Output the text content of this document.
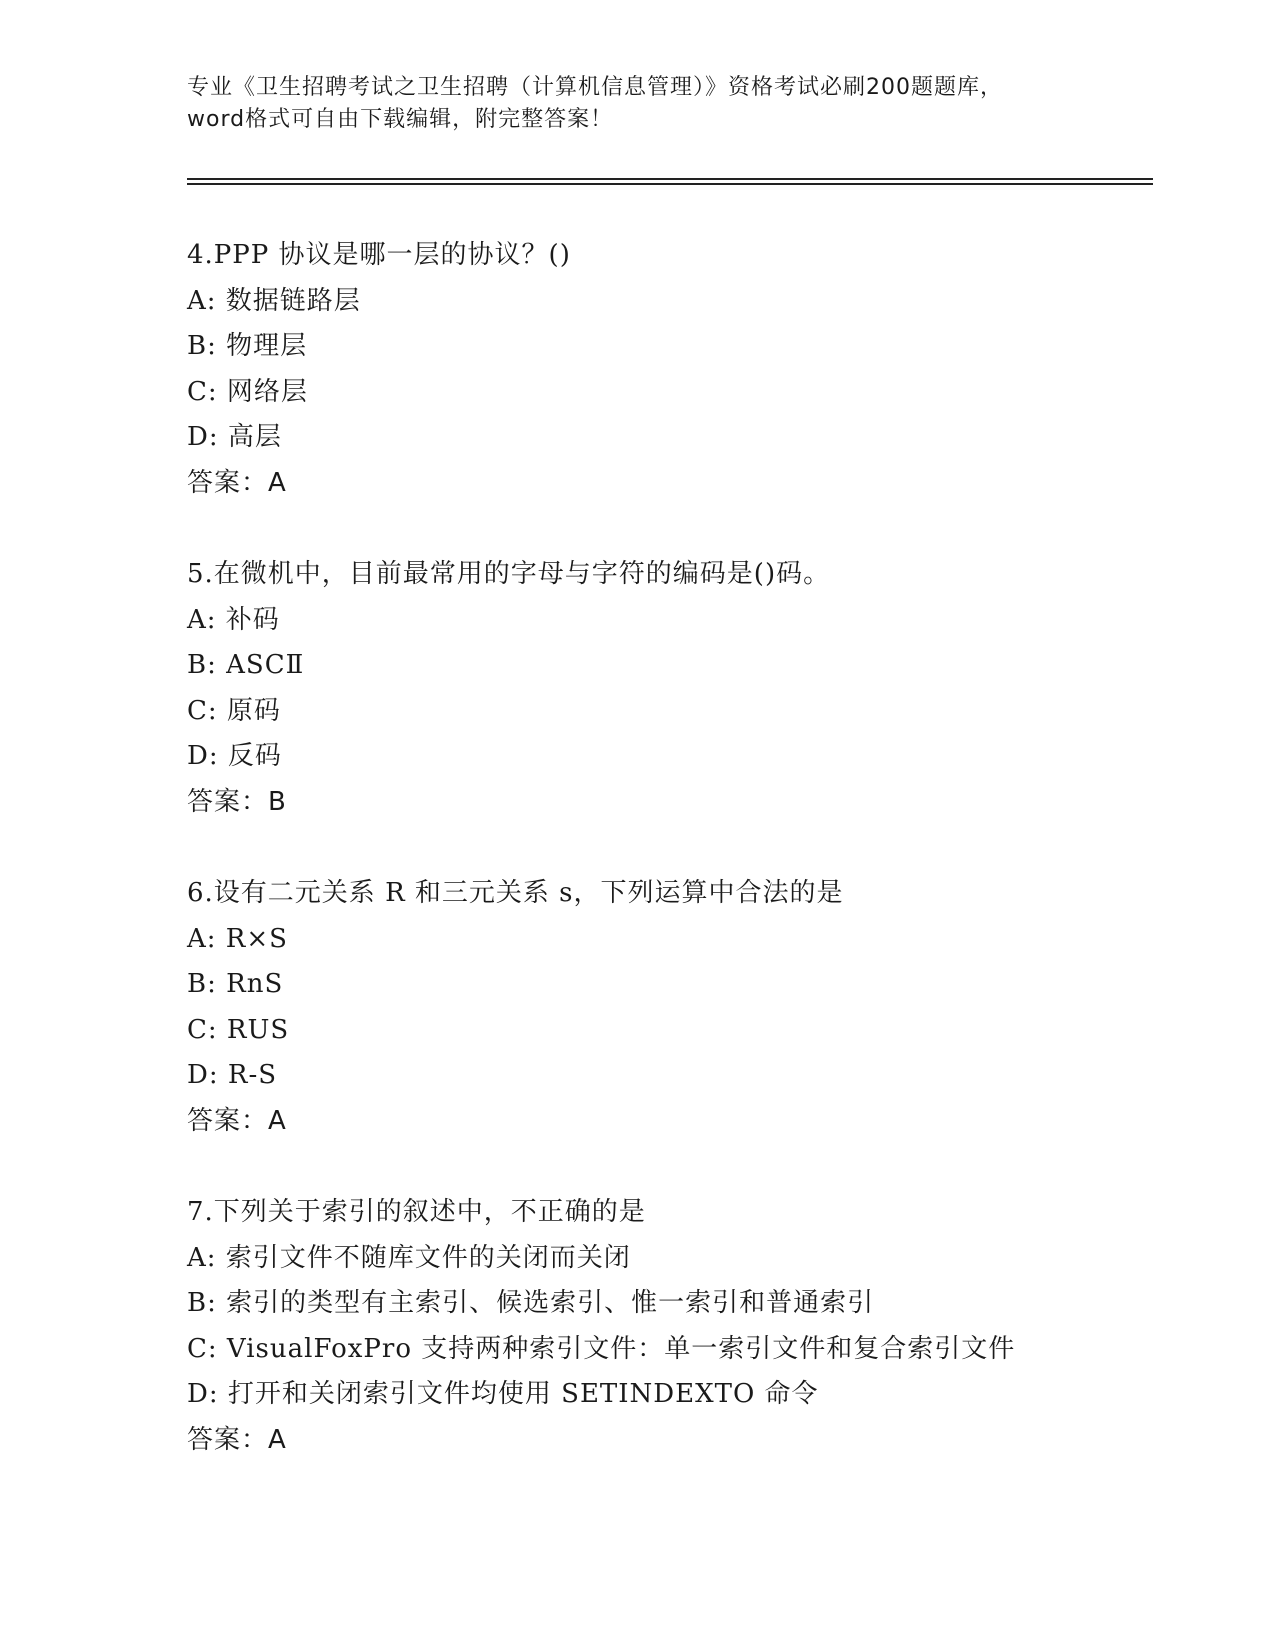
专业《卫生招聘考试之卫生招聘（计算机信息管理）》资格考试必刷200题题库，
word格式可自由下载编辑，附完整答案！
4.PPP 协议是哪一层的协议？()
A: 数据链路层
B: 物理层
C: 网络层
D: 高层
答案：A
5.在微机中，目前最常用的字母与字符的编码是()码。
A: 补码
B: ASCⅡ
C: 原码
D: 反码
答案：B
6.设有二元关系 R 和三元关系 s，下列运算中合法的是
A: R×S
B: RnS
C: RUS
D: R-S
答案：A
7.下列关于索引的叙述中，不正确的是
A: 索引文件不随库文件的关闭而关闭
B: 索引的类型有主索引、候选索引、惟一索引和普通索引
C: VisualFoxPro 支持两种索引文件：单一索引文件和复合索引文件
D: 打开和关闭索引文件均使用 SETINDEXTO 命令
答案：A
